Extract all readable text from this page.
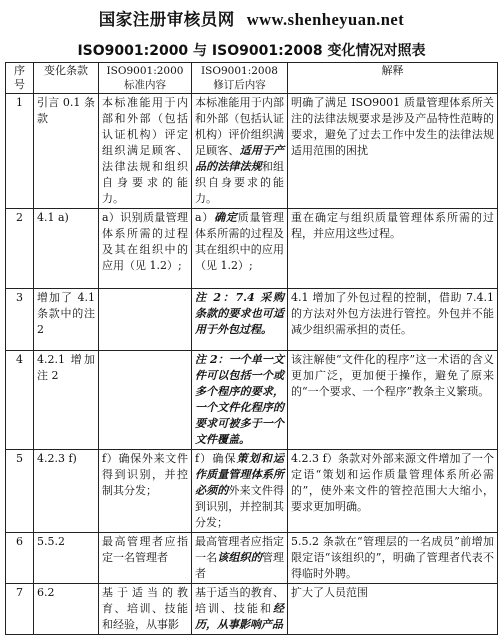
国家注册审核员网 www.shenheyuan.net
ISO9001:2000 与 ISO9001:2008 变化情况对照表
序号	变化条款	ISO9001:2000 标准内容	ISO9001:2008 修订后内容	解释
1	引言 0.1 条款	本标准能用于内部和外部（包括认证机构）评定组织满足顾客、法律法规和组织自身要求的能力。	本标准能用于内部和外部（包括认证机构）评价组织满足顾客、适用于产品的法律法规和组织自身要求的能力。	明确了满足 ISO9001 质量管理体系所关注的法律法规要求是涉及产品特性范畴的要求，避免了过去工作中发生的法律法规适用范围的困扰
2	4.1 a)	a）识别质量管理体系所需的过程及其在组织中的应用（见 1.2）;	a）确定质量管理体系所需的过程及其在组织中的应用（见 1.2）;	重在确定与组织质量管理体系所需的过程，并应用这些过程。
3	增加了 4.1 条款中的注 2		注 2：7.4 采购条款的要求也可适用于外包过程。	4.1 增加了外包过程的控制，借助 7.4.1 的方法对外包方法进行管控。外包并不能减少组织需承担的责任。
4	4.2.1 增加注 2		注 2：一个单一文件可以包括一个或多个程序的要求，一个文件化程序的要求可被多于一个文件覆盖。	该注解使“文件化的程序”这一术语的含义更加广泛，更加便于操作，避免了原来的“一个要求、一个程序”教条主义繁琐。
5	4.2.3 f)	f）确保外来文件得到识别，并控制其分发；	f）确保策划和运作质量管理体系所必须的外来文件得到识别，并控制其分发；	4.2.3 f）条款对外部来源文件增加了一个定语“策划和运作质量管理体系所必需的”，使外来文件的管控范围大大缩小，要求更加明确。
6	5.5.2	最高管理者应指定一名管理者	最高管理者应指定一名该组织的管理者	5.5.2 条款在“管理层的一名成员”前增加限定语“该组织的”，明确了管理者代表不得临时外聘。
7	6.2	基于适当的教育、培训、技能和经验，从事影	基于适当的教育、培训、技能和经历，从事影响产品	扩大了人员范围
